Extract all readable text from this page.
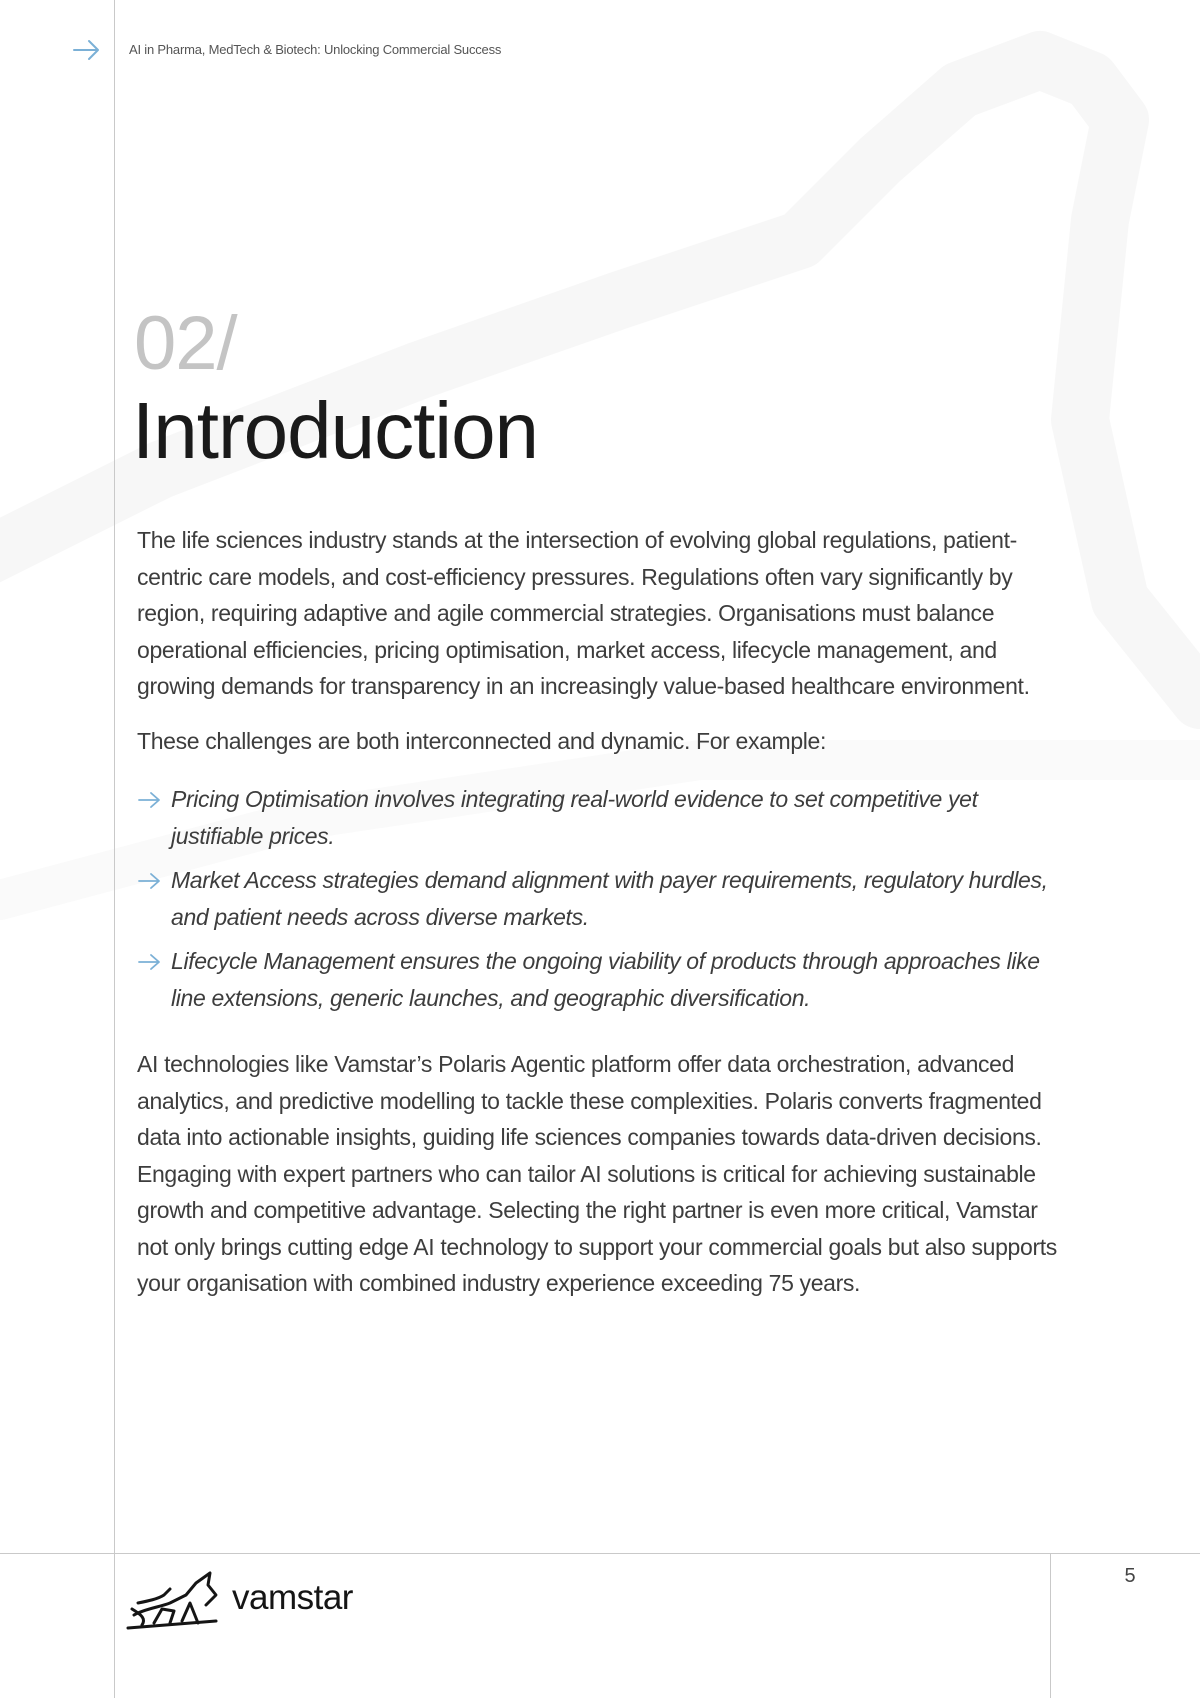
AI in Pharma, MedTech & Biotech: Unlocking Commercial Success
02/
Introduction

The life sciences industry stands at the intersection of evolving global regulations, patient-centric care models, and cost-efficiency pressures. Regulations often vary significantly by region, requiring adaptive and agile commercial strategies. Organisations must balance operational efficiencies, pricing optimisation, market access, lifecycle management, and growing demands for transparency in an increasingly value-based healthcare environment.

These challenges are both interconnected and dynamic. For example:

Pricing Optimisation involves integrating real-world evidence to set competitive yet justifiable prices.
Market Access strategies demand alignment with payer requirements, regulatory hurdles, and patient needs across diverse markets.
Lifecycle Management ensures the ongoing viability of products through approaches like line extensions, generic launches, and geographic diversification.

AI technologies like Vamstar’s Polaris Agentic platform offer data orchestration, advanced analytics, and predictive modelling to tackle these complexities. Polaris converts fragmented data into actionable insights, guiding life sciences companies towards data-driven decisions. Engaging with expert partners who can tailor AI solutions is critical for achieving sustainable growth and competitive advantage. Selecting the right partner is even more critical, Vamstar not only brings cutting edge AI technology to support your commercial goals but also supports your organisation with combined industry experience exceeding 75 years.

vamstar
5
